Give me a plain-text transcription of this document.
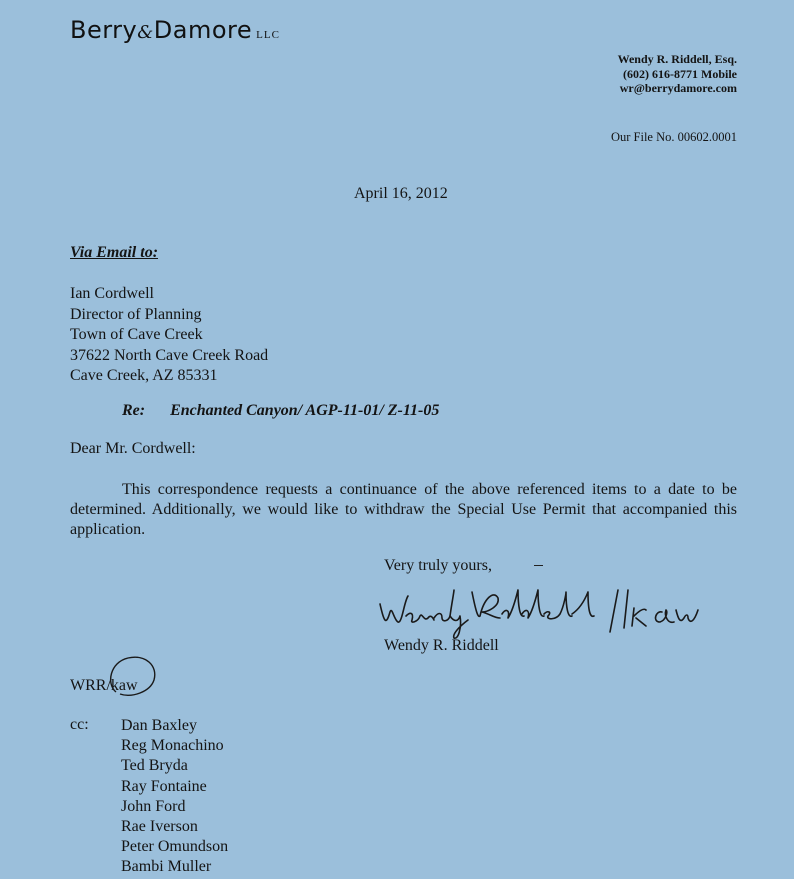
Berry&Damore LLC
Wendy R. Riddell, Esq.
(602) 616-8771 Mobile
wr@berrydamore.com
Our File No. 00602.0001
April 16, 2012
Via Email to:
Ian Cordwell
Director of Planning
Town of Cave Creek
37622 North Cave Creek Road
Cave Creek, AZ 85331
Re: Enchanted Canyon/ AGP-11-01/ Z-11-05
Dear Mr. Cordwell:
This correspondence requests a continuance of the above referenced items to a date to be determined. Additionally, we would like to withdraw the Special Use Permit that accompanied this application.
Very truly yours,
Wendy R. Riddell
WRR/kaw
cc: Dan Baxley
Reg Monachino
Ted Bryda
Ray Fontaine
John Ford
Rae Iverson
Peter Omundson
Bambi Muller
